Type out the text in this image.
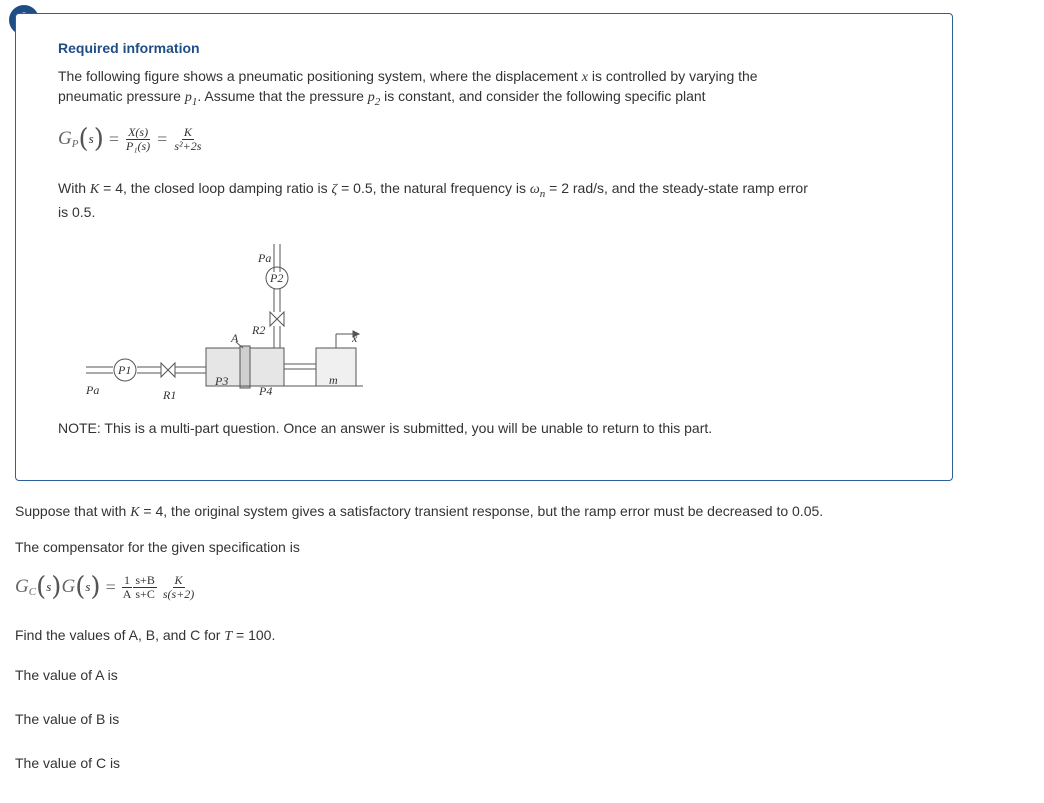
Required information
The following figure shows a pneumatic positioning system, where the displacement x is controlled by varying the
pneumatic pressure $p_1$. Assume that the pressure $p_2$ is constant, and consider the following specific plant
$G_P(s) = \frac{X(s)}{\text{P₁(s)}} = \frac{K}{\text{s²+2s}}$
With K = 4, the closed loop damping ratio is ζ = 0.5, the natural frequency is $\omega_n = 2$ rad/s, and the steady-state ramp error
is 0.5.
Pa
P2
R2
A	x
P1
Pa	R1
P3
P4
m
NOTE: This is a multi-part question. Once an answer is submitted, you will be unable to return to this part.
Suppose that with K = 4, the original system gives a satisfactory transient response, but the ramp error must be decreased to 0.05.
The compensator for the given specification is
$G_C(s)G(s) = \frac{1}{A} \frac{s+B}{s+C} \frac{K}{s(s+2)}$
Find the values of A, B, and C for T = 100.
The value of A is
The value of B is
The value of C is
